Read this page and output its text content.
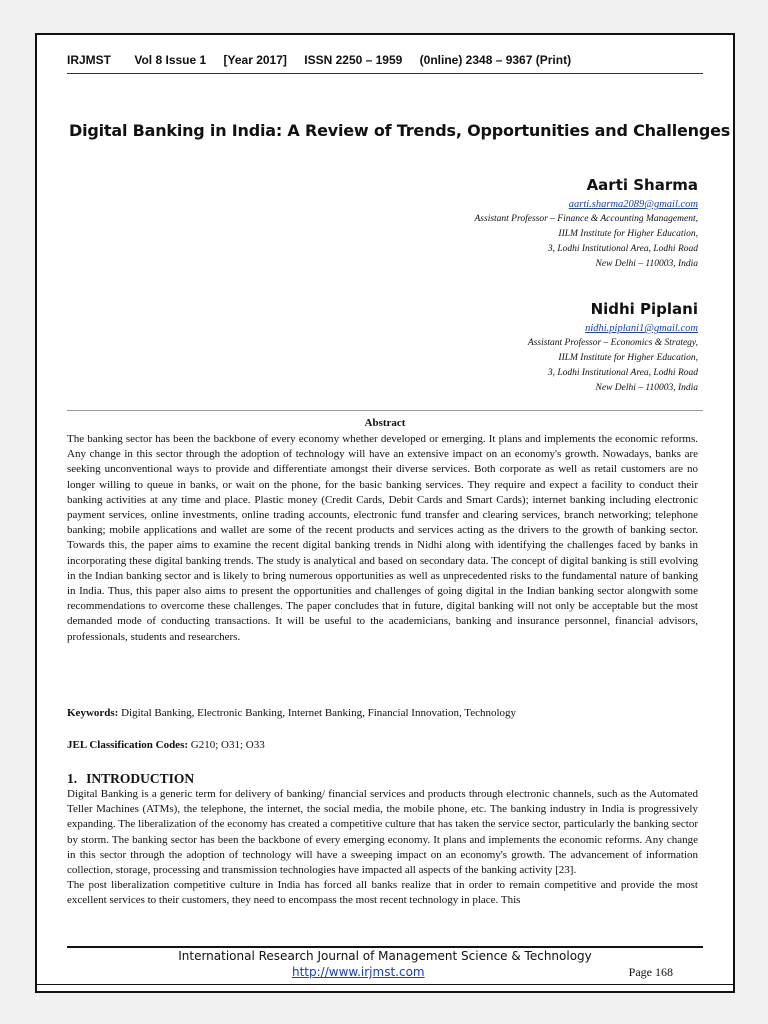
IRJMST Vol 8 Issue 1 [Year 2017] ISSN 2250 – 1959 (0nline) 2348 – 9367 (Print)
Digital Banking in India: A Review of Trends, Opportunities and Challenges
Aarti Sharma
aarti.sharma2089@gmail.com
Assistant Professor – Finance & Accounting Management,
IILM Institute for Higher Education,
3, Lodhi Institutional Area, Lodhi Road
New Delhi – 110003, India
Nidhi Piplani
nidhi.piplani1@gmail.com
Assistant Professor – Economics & Strategy,
IILM Institute for Higher Education,
3, Lodhi Institutional Area, Lodhi Road
New Delhi – 110003, India
Abstract

The banking sector has been the backbone of every economy whether developed or emerging. It plans and implements the economic reforms. Any change in this sector through the adoption of technology will have an extensive impact on an economy's growth. Nowadays, banks are seeking unconventional ways to provide and differentiate amongst their diverse services. Both corporate as well as retail customers are no longer willing to queue in banks, or wait on the phone, for the basic banking services. They require and expect a facility to conduct their banking activities at any time and place. Plastic money (Credit Cards, Debit Cards and Smart Cards); internet banking including electronic payment services, online investments, online trading accounts, electronic fund transfer and clearing services, branch networking; telephone banking; mobile applications and wallet are some of the recent products and services acting as the drivers to the growth of banking sector. Towards this, the paper aims to examine the recent digital banking trends in Nidhi along with identifying the challenges faced by banks in incorporating these digital banking trends. The study is analytical and based on secondary data. The concept of digital banking is still evolving in the Indian banking sector and is likely to bring numerous opportunities as well as unprecedented risks to the fundamental nature of banking in India. Thus, this paper also aims to present the opportunities and challenges of going digital in the Indian banking sector alongwith some recommendations to overcome these challenges. The paper concludes that in future, digital banking will not only be acceptable but the most demanded mode of conducting transactions. It will be useful to the academicians, banking and insurance personnel, financial advisors, professionals, students and researchers.

Keywords: Digital Banking, Electronic Banking, Internet Banking, Financial Innovation, Technology
JEL Classification Codes: G210; O31; O33
1. INTRODUCTION

Digital Banking is a generic term for delivery of banking/ financial services and products through electronic channels, such as the Automated Teller Machines (ATMs), the telephone, the internet, the social media, the mobile phone, etc. The banking industry in India is progressively expanding. The liberalization of the economy has created a competitive culture that has taken the service sector, particularly the banking sector by storm. The banking sector has been the backbone of every emerging economy. It plans and implements the economic reforms. Any change in this sector through the adoption of technology will have a sweeping impact on an economy's growth. The advancement of information collection, storage, processing and transmission technologies have impacted all aspects of the banking activity [23].

The post liberalization competitive culture in India has forced all banks realize that in order to remain competitive and provide the most excellent services to their customers, they need to encompass the most recent technology in place. This

International Research Journal of Management Science & Technology
http://www.irjmst.com	Page 168
